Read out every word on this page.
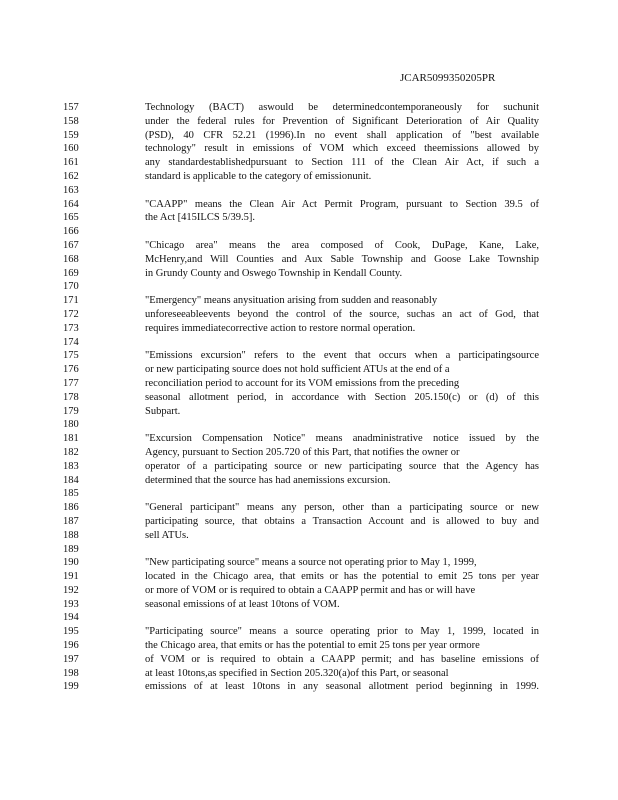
JCAR5099350205PR
157	Technology (BACT) aswould be determinedcontemporaneously for suchunit
158	under the federal rules for Prevention of Significant Deterioration of Air Quality
159	(PSD), 40 CFR 52.21 (1996).In no event shall application of "best available
160	technology" result in emissions of VOM which exceed theemissions allowed by
161	any standardestablishedpursuant to Section 111 of the Clean Air Act, if such a
162	standard is applicable to the category of emissionunit.
163
164	"CAAPP" means the Clean Air Act Permit Program, pursuant to Section 39.5 of
165	the Act [415ILCS 5/39.5].
166
167	"Chicago area" means the area composed of Cook, DuPage, Kane, Lake,
168	McHenry,and Will Counties and Aux Sable Township and Goose Lake Township
169	in Grundy County and Oswego Township in Kendall County.
170
171	"Emergency" means anysituation arising from sudden and reasonably
172	unforeseeableevents beyond the control of the source, suchas an act of God, that
173	requires immediatecorrective action to restore normal operation.
174
175	"Emissions excursion" refers to the event that occurs when a participatingsource
176	or new participating source does not hold sufficient ATUs at the end of a
177	reconciliation period to account for its VOM emissions from the preceding
178	seasonal allotment period, in accordance with Section 205.150(c) or (d) of this
179	Subpart.
180
181	"Excursion Compensation Notice" means anadministrative notice issued by the
182	Agency, pursuant to Section 205.720 of this Part, that notifies the owner or
183	operator of a participating source or new participating source that the Agency has
184	determined that the source has had anemissions excursion.
185
186	"General participant" means any person, other than a participating source or new
187	participating source, that obtains a Transaction Account and is allowed to buy and
188	sell ATUs.
189
190	"New participating source" means a source not operating prior to May 1, 1999,
191	located in the Chicago area, that emits or has the potential to emit 25 tons per year
192	or more of VOM or is required to obtain a CAAPP permit and has or will have
193	seasonal emissions of at least 10tons of VOM.
194
195	"Participating source" means a source operating prior to May 1, 1999, located in
196	the Chicago area, that emits or has the potential to emit 25 tons per year ormore
197	of VOM or is required to obtain a CAAPP permit; and has baseline emissions of
198	at least 10tons,as specified in Section 205.320(a)of this Part, or seasonal
199	emissions of at least 10tons in any seasonal allotment period beginning in 1999.
